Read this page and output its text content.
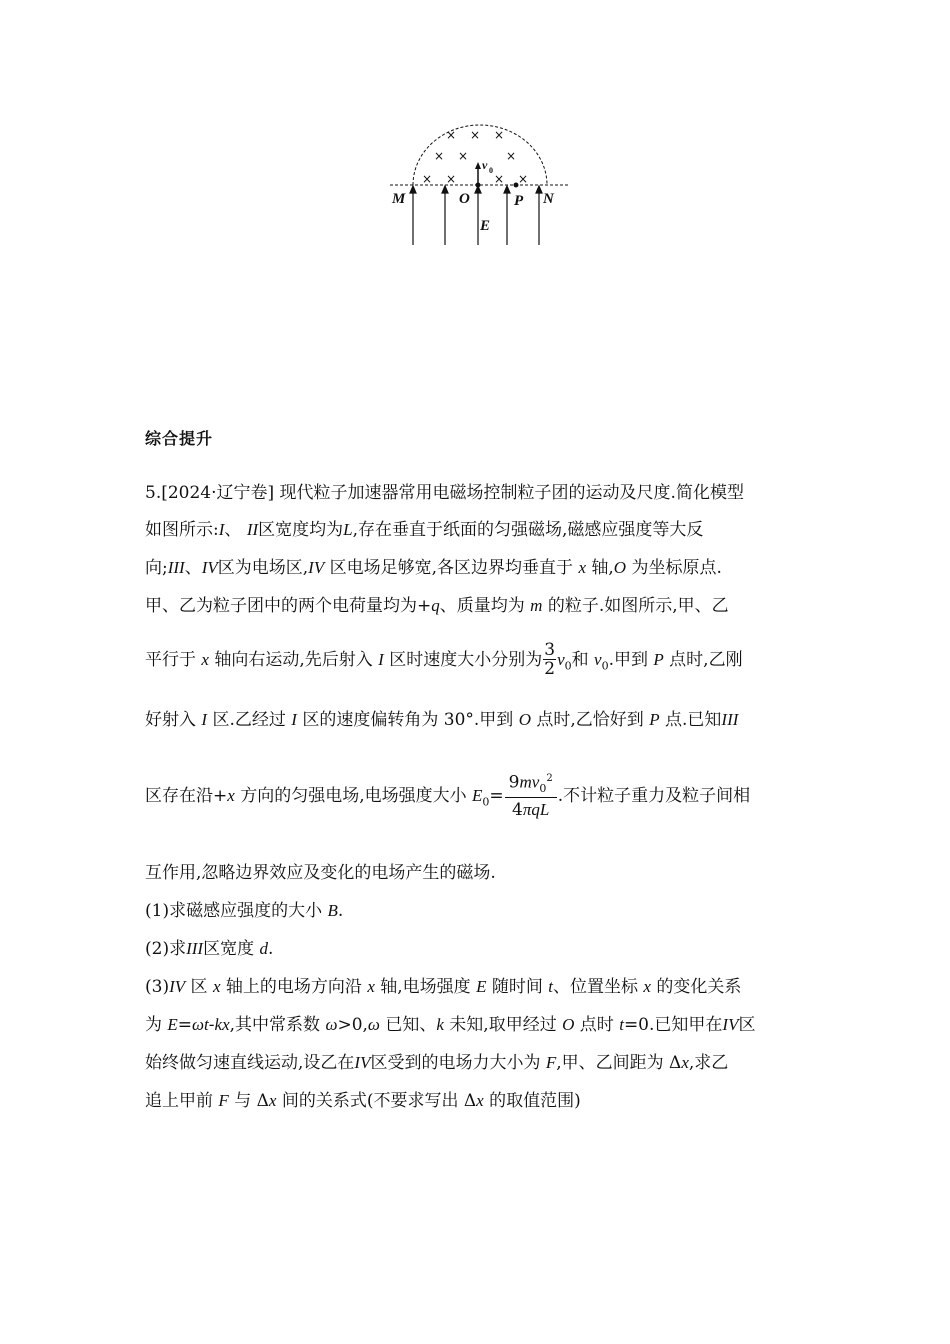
× × ×
× ×	×
× ×	× ×
v 0
M	O	P N
E
综合提升
5.[2024·辽宁卷] 现代粒子加速器常用电磁场控制粒子团的运动及尺度.简化模型
如图所示:I、 II区宽度均为L,存在垂直于纸面的匀强磁场,磁感应强度等大反
向;III、IV区为电场区,IV 区电场足够宽,各区边界均垂直于 x 轴,O 为坐标原点.
甲、乙为粒子团中的两个电荷量均为+q、质量均为 m 的粒子.如图所示,甲、乙
平行于 x 轴向右运动,先后射入 I 区时速度大小分别为 $\frac{3}{2} v_0$和 $v_0$.甲到 P 点时,乙刚
好射入 I 区.乙经过 I 区的速度偏转角为 30°.甲到 O 点时,乙恰好到 P 点.已知III
区存在沿+x 方向的匀强电场,电场强度大小 $E_0= \frac{9mv_0^2}{\text{4πqL}}$ .不计粒子重力及粒子间相
互作用,忽略边界效应及变化的电场产生的磁场.
(1)求磁感应强度的大小 B.
(2)求III区宽度 d.
(3)IV 区 x 轴上的电场方向沿 x 轴,电场强度 E 随时间 t、位置坐标 x 的变化关系
为 E=ωt-kx,其中常系数 ω>0,ω 已知、k 未知,取甲经过 O 点时 t=0.已知甲在IV区
始终做匀速直线运动,设乙在IV区受到的电场力大小为 F,甲、乙间距为 Δx,求乙
追上甲前 F 与 Δx 间的关系式(不要求写出 Δx 的取值范围)
